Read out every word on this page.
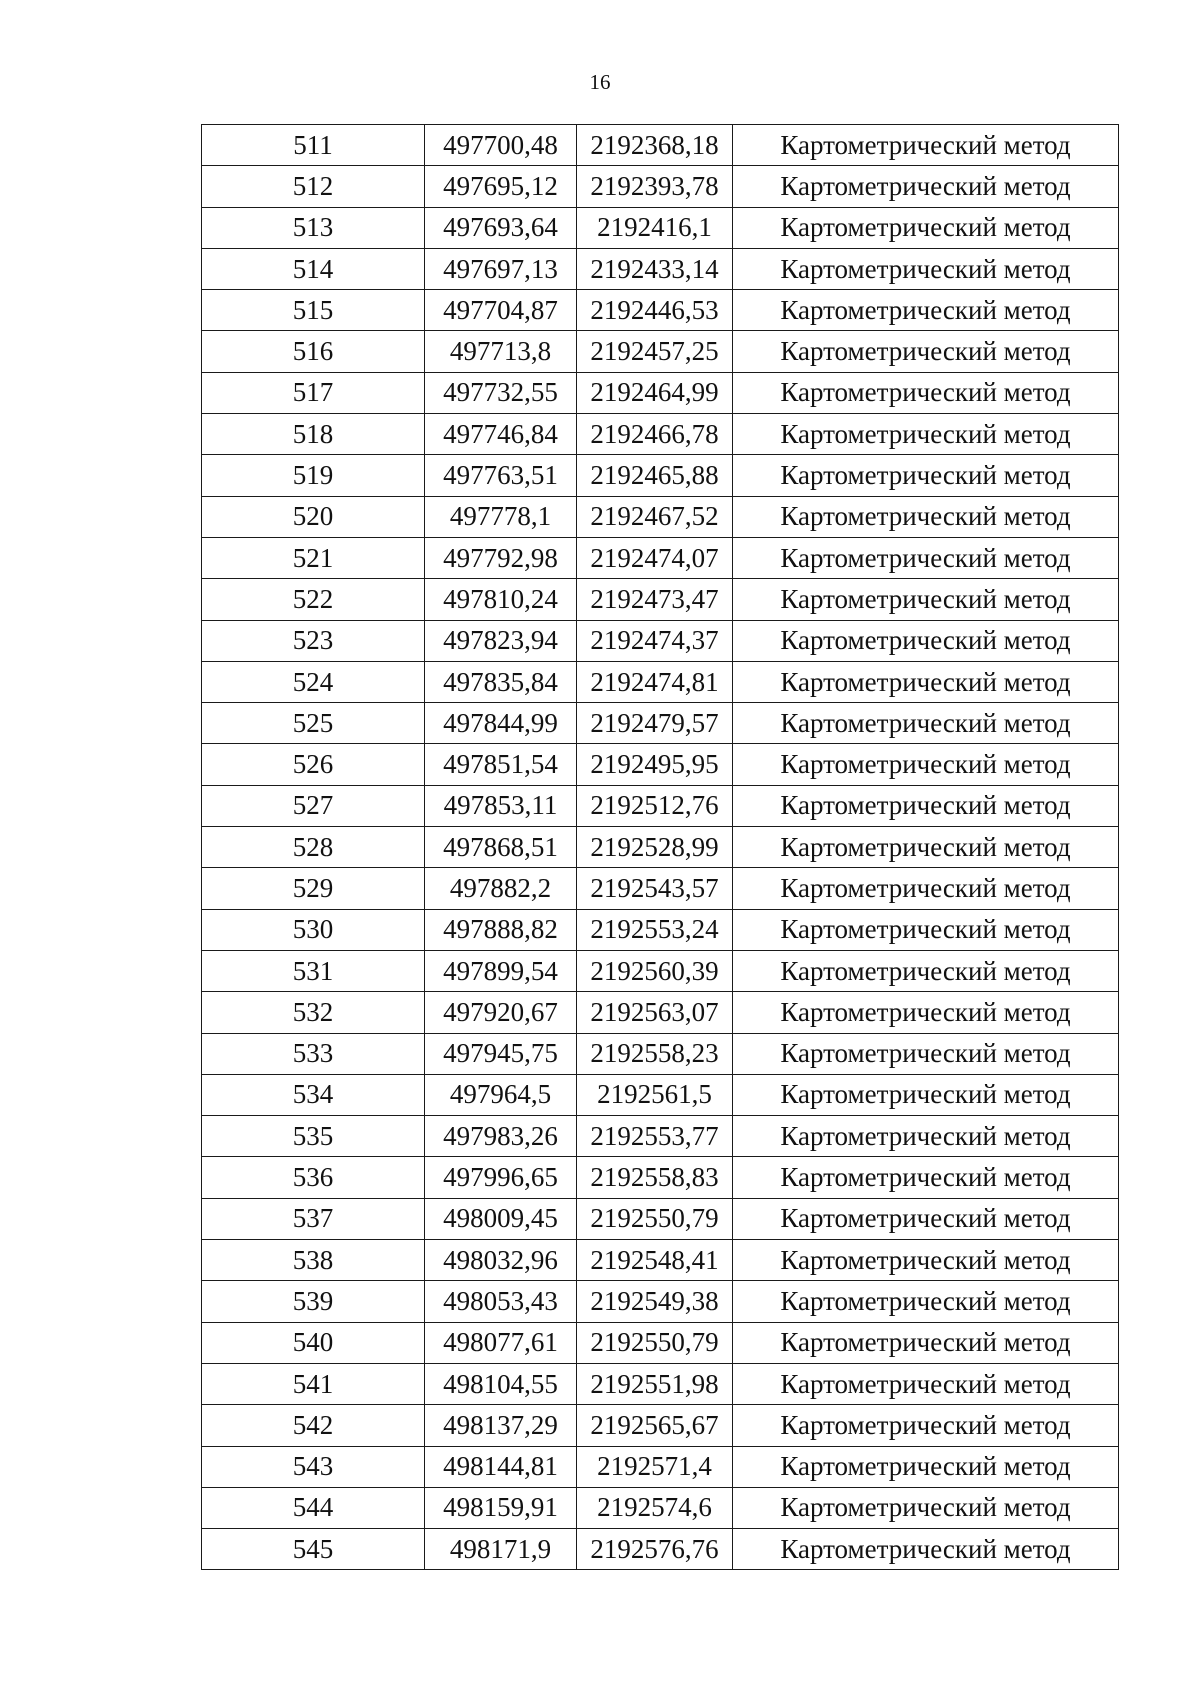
16
511	497700,48	2192368,18	Картометрический метод
512	497695,12	2192393,78	Картометрический метод
513	497693,64	2192416,1	Картометрический метод
514	497697,13	2192433,14	Картометрический метод
515	497704,87	2192446,53	Картометрический метод
516	497713,8	2192457,25	Картометрический метод
517	497732,55	2192464,99	Картометрический метод
518	497746,84	2192466,78	Картометрический метод
519	497763,51	2192465,88	Картометрический метод
520	497778,1	2192467,52	Картометрический метод
521	497792,98	2192474,07	Картометрический метод
522	497810,24	2192473,47	Картометрический метод
523	497823,94	2192474,37	Картометрический метод
524	497835,84	2192474,81	Картометрический метод
525	497844,99	2192479,57	Картометрический метод
526	497851,54	2192495,95	Картометрический метод
527	497853,11	2192512,76	Картометрический метод
528	497868,51	2192528,99	Картометрический метод
529	497882,2	2192543,57	Картометрический метод
530	497888,82	2192553,24	Картометрический метод
531	497899,54	2192560,39	Картометрический метод
532	497920,67	2192563,07	Картометрический метод
533	497945,75	2192558,23	Картометрический метод
534	497964,5	2192561,5	Картометрический метод
535	497983,26	2192553,77	Картометрический метод
536	497996,65	2192558,83	Картометрический метод
537	498009,45	2192550,79	Картометрический метод
538	498032,96	2192548,41	Картометрический метод
539	498053,43	2192549,38	Картометрический метод
540	498077,61	2192550,79	Картометрический метод
541	498104,55	2192551,98	Картометрический метод
542	498137,29	2192565,67	Картометрический метод
543	498144,81	2192571,4	Картометрический метод
544	498159,91	2192574,6	Картометрический метод
545	498171,9	2192576,76	Картометрический метод
